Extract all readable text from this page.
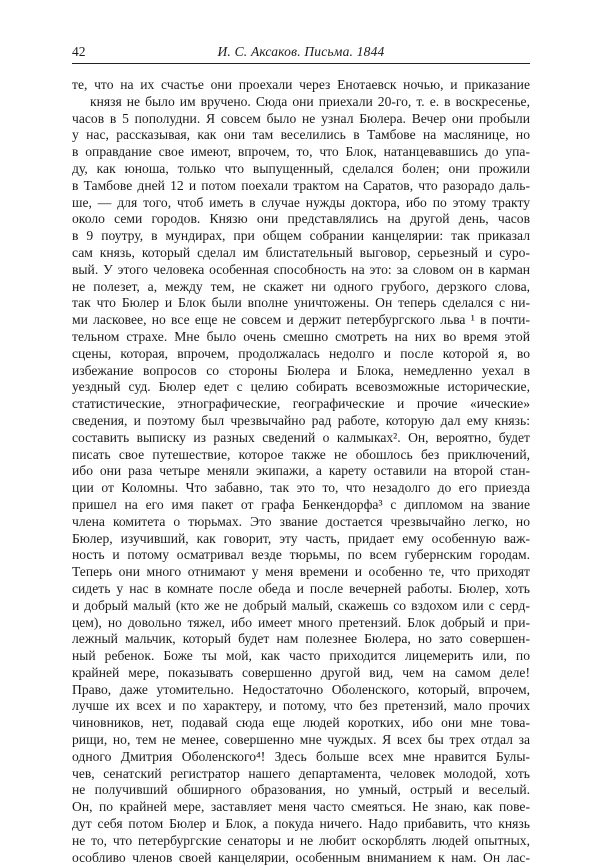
42	И. С. Аксаков. Письма. 1844
те, что на их счастье они проехали через Енотаевск ночью, и приказание
князя не было им вручено. Сюда они приехали 20-го, т. е. в воскресенье,
часов в 5 пополудни. Я совсем было не узнал Бюлера. Вечер они пробыли
у нас, рассказывая, как они там веселились в Тамбове на масляницe, но
в оправдание свое имеют, впрочем, то, что Блок, натанцевавшись до упа-
ду, как юноша, только что выпущенный, сделался болен; они прожили
в Тамбове дней 12 и потом поехали трактом на Саратов, что разорадо даль-
ше, — для того, чтоб иметь в случае нужды доктора, ибо по этому тракту
около семи городов. Князю они представлялись на другой день, часов
в 9 поутру, в мундирах, при общем собрании канцелярии: так приказал
сам князь, который сделал им блистательный выговор, серьезный и суро-
вый. У этого человека особенная способность на это: за словом он в карман
не полезет, а, между тем, не скажет ни одного грубого, дерзкого слова,
так что Бюлер и Блок были вполне уничтожены. Он теперь сделался с ни-
ми ласковее, но все еще не совсем и держит петербургского льва ¹ в почти-
тельном страхе. Мне было очень смешно смотреть на них во время этой
сцены, которая, впрочем, продолжалась недолго и после которой я, во
избежание вопросов со стороны Бюлера и Блока, немедленно уехал в
уездный суд. Бюлер едет с целию собирать всевозможные исторические,
статистические, этнографические, географические и прочие «ические»
сведения, и поэтому был чрезвычайно рад работе, которую дал ему князь:
составить выписку из разных сведений о калмыках². Он, вероятно, будет
писать свое путешествие, которое также не обошлось без приключений,
ибо они раза четыре меняли экипажи, а карету оставили на второй стан-
ции от Коломны. Что забавно, так это то, что незадолго до его приезда
пришел на его имя пакет от графа Бенкендорфа³ с дипломом на звание
члена комитета о тюрьмах. Это звание достается чрезвычайно легко, но
Бюлер, изучивший, как говорит, эту часть, придает ему особенную важ-
ность и потому осматривал везде тюрьмы, по всем губернским городам.
Теперь они много отнимают у меня времени и особенно те, что приходят
сидеть у нас в комнате после обеда и после вечерней работы. Бюлер, хоть
и добрый малый (кто же не добрый малый, скажешь со вздохом или с серд-
цем), но довольно тяжел, ибо имеет много претензий. Блок добрый и при-
лежный мальчик, который будет нам полезнее Бюлера, но зато совершен-
ный ребенок. Боже ты мой, как часто приходится лицемерить или, по
крайней мере, показывать совершенно другой вид, чем на самом деле!
Право, даже утомительно. Недостаточно Оболенского, который, впрочем,
лучше их всех и по характеру, и потому, что без претензий, мало прочих
чиновников, нет, подавай сюда еще людей коротких, ибо они мне това-
рищи, но, тем не менее, совершенно мне чуждых. Я всех бы трех отдал за
одного Дмитрия Оболенского⁴! Здесь больше всех мне нравится Булы-
чев, сенатский регистратор нашего департамента, человек молодой, хоть
не получивший обширного образования, но умный, острый и веселый.
Он, по крайней мере, заставляет меня часто смеяться. Не знаю, как пове-
дут себя потом Бюлер и Блок, а покуда ничего. Надо прибавить, что князь
не то, что петербургские сенаторы и не любит оскорблять людей опытных,
особливо членов своей канцелярии, особенным вниманием к нам. Он лас-
